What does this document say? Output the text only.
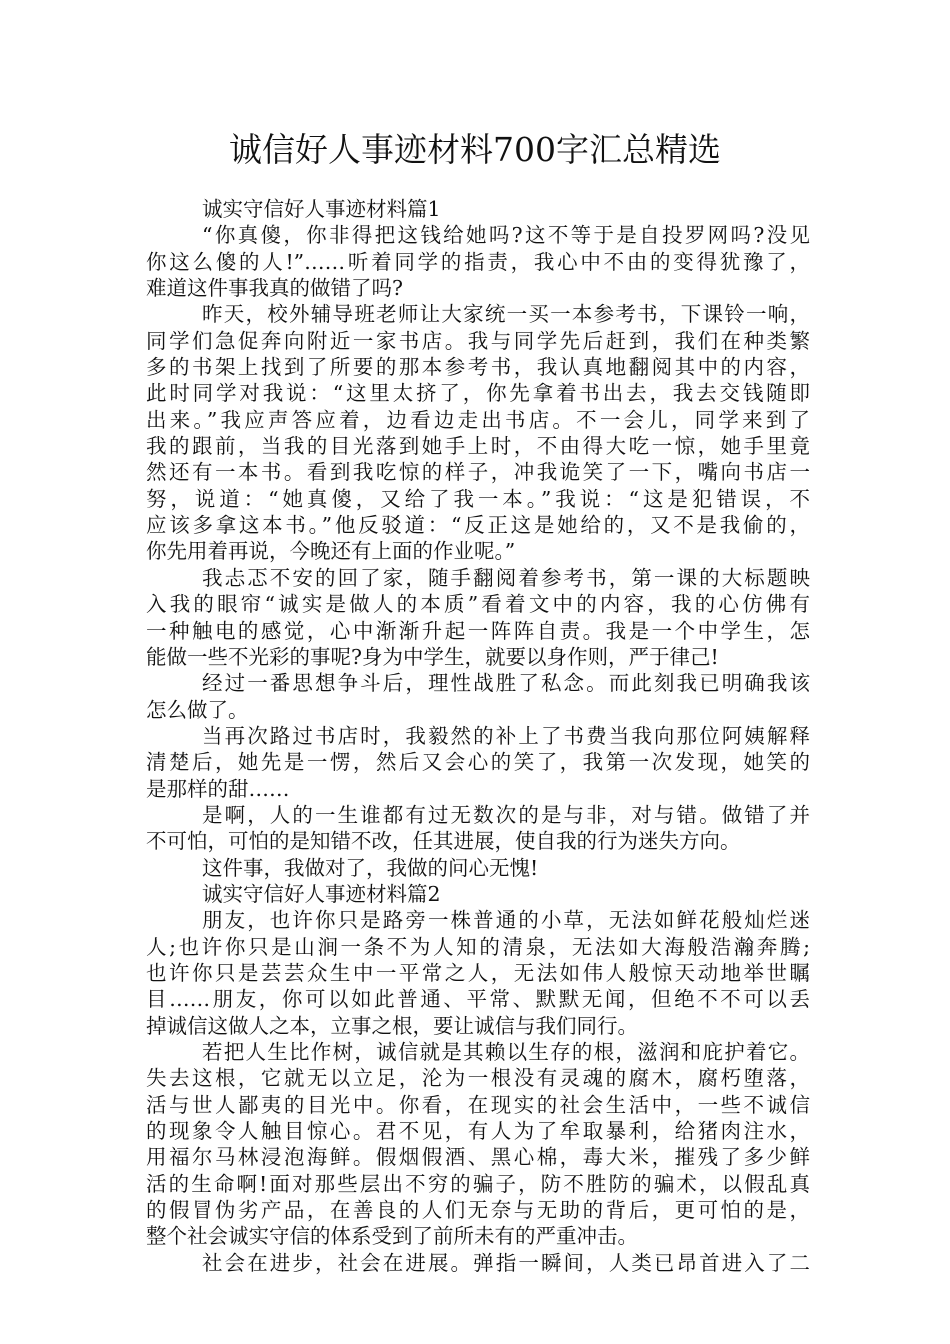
诚信好人事迹材料700字汇总精选

诚实守信好人事迹材料篇1

“你真傻，你非得把这钱给她吗?这不等于是自投罗网吗?没见

你这么傻的人!”……听着同学的指责，我心中不由的变得犹豫了，

难道这件事我真的做错了吗?

昨天，校外辅导班老师让大家统一买一本参考书，下课铃一响，

同学们急促奔向附近一家书店。我与同学先后赶到，我们在种类繁

多的书架上找到了所要的那本参考书，我认真地翻阅其中的内容，

此时同学对我说：“这里太挤了，你先拿着书出去，我去交钱随即

出来。”我应声答应着，边看边走出书店。不一会儿，同学来到了

我的跟前，当我的目光落到她手上时，不由得大吃一惊，她手里竟

然还有一本书。看到我吃惊的样子，冲我诡笑了一下，嘴向书店一

努，说道：“她真傻，又给了我一本。”我说：“这是犯错误，不

应该多拿这本书。”他反驳道：“反正这是她给的，又不是我偷的，

你先用着再说，今晚还有上面的作业呢。”

我忐忑不安的回了家，随手翻阅着参考书，第一课的大标题映

入我的眼帘“诚实是做人的本质”看着文中的内容，我的心仿佛有

一种触电的感觉，心中渐渐升起一阵阵自责。我是一个中学生，怎

能做一些不光彩的事呢?身为中学生，就要以身作则，严于律己!

经过一番思想争斗后，理性战胜了私念。而此刻我已明确我该

怎么做了。

当再次路过书店时，我毅然的补上了书费当我向那位阿姨解释

清楚后，她先是一愣，然后又会心的笑了，我第一次发现，她笑的

是那样的甜……

是啊，人的一生谁都有过无数次的是与非，对与错。做错了并

不可怕，可怕的是知错不改，任其进展，使自我的行为迷失方向。

这件事，我做对了，我做的问心无愧!

诚实守信好人事迹材料篇2

朋友，也许你只是路旁一株普通的小草，无法如鲜花般灿烂迷

人;也许你只是山涧一条不为人知的清泉，无法如大海般浩瀚奔腾;

也许你只是芸芸众生中一平常之人，无法如伟人般惊天动地举世瞩

目……朋友，你可以如此普通、平常、默默无闻，但绝不不可以丢

掉诚信这做人之本，立事之根，要让诚信与我们同行。

若把人生比作树，诚信就是其赖以生存的根，滋润和庇护着它。

失去这根，它就无以立足，沦为一根没有灵魂的腐木，腐朽堕落，

活与世人鄙夷的目光中。你看，在现实的社会生活中，一些不诚信

的现象令人触目惊心。君不见，有人为了牟取暴利，给猪肉注水，

用福尔马林浸泡海鲜。假烟假酒、黑心棉，毒大米，摧残了多少鲜

活的生命啊!面对那些层出不穷的骗子，防不胜防的骗术，以假乱真

的假冒伪劣产品，在善良的人们无奈与无助的背后，更可怕的是，

整个社会诚实守信的体系受到了前所未有的严重冲击。

社会在进步，社会在进展。弹指一瞬间，人类已昂首进入了二
